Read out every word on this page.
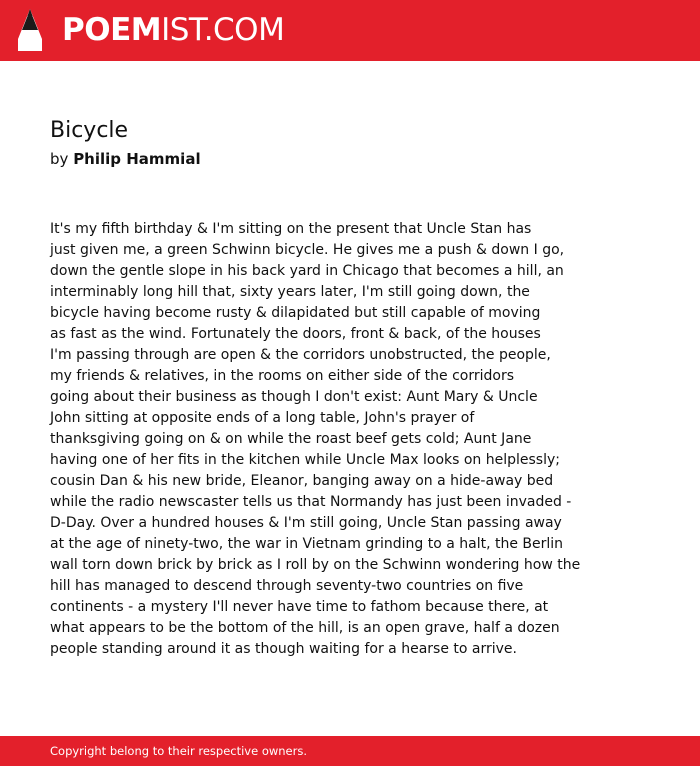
POEMIST.COM
Bicycle
by Philip Hammial
It's my fifth birthday & I'm sitting on the present that Uncle Stan has
just given me, a green Schwinn bicycle. He gives me a push & down I go,
down the gentle slope in his back yard in Chicago that becomes a hill, an
interminably long hill that, sixty years later, I'm still going down, the
bicycle having become rusty & dilapidated but still capable of moving
as fast as the wind. Fortunately the doors, front & back, of the houses
I'm passing through are open & the corridors unobstructed, the people,
my friends & relatives, in the rooms on either side of the corridors
going about their business as though I don't exist: Aunt Mary & Uncle
John sitting at opposite ends of a long table, John's prayer of
thanksgiving going on & on while the roast beef gets cold; Aunt Jane
having one of her fits in the kitchen while Uncle Max looks on helplessly;
cousin Dan & his new bride, Eleanor, banging away on a hide-away bed
while the radio newscaster tells us that Normandy has just been invaded -
D-Day. Over a hundred houses & I'm still going, Uncle Stan passing away
at the age of ninety-two, the war in Vietnam grinding to a halt, the Berlin
wall torn down brick by brick as I roll by on the Schwinn wondering how the
hill has managed to descend through seventy-two countries on five
continents - a mystery I'll never have time to fathom because there, at
what appears to be the bottom of the hill, is an open grave, half a dozen
people standing around it as though waiting for a hearse to arrive.
Copyright belong to their respective owners.
